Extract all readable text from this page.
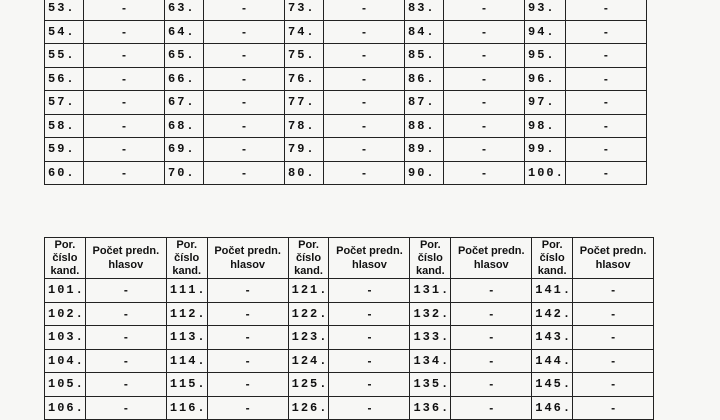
53.	-	63.	-	73.	-	83.	-	93.	-
54.	-	64.	-	74.	-	84.	-	94.	-
55.	-	65.	-	75.	-	85.	-	95.	-
56.	-	66.	-	76.	-	86.	-	96.	-
57.	-	67.	-	77.	-	87.	-	97.	-
58.	-	68.	-	78.	-	88.	-	98.	-
59.	-	69.	-	79.	-	89.	-	99.	-
60.	-	70.	-	80.	-	90.	-	100.	-
Por. číslo kand.	Počet predn. hlasov	Por. číslo kand.	Počet predn. hlasov	Por. číslo kand.	Počet predn. hlasov	Por. číslo kand.	Počet predn. hlasov	Por. číslo kand.	Počet predn. hlasov
101.	-	111.	-	121.	-	131.	-	141.	-
102.	-	112.	-	122.	-	132.	-	142.	-
103.	-	113.	-	123.	-	133.	-	143.	-
104.	-	114.	-	124.	-	134.	-	144.	-
105.	-	115.	-	125.	-	135.	-	145.	-
106.	-	116.	-	126.	-	136.	-	146.	-
